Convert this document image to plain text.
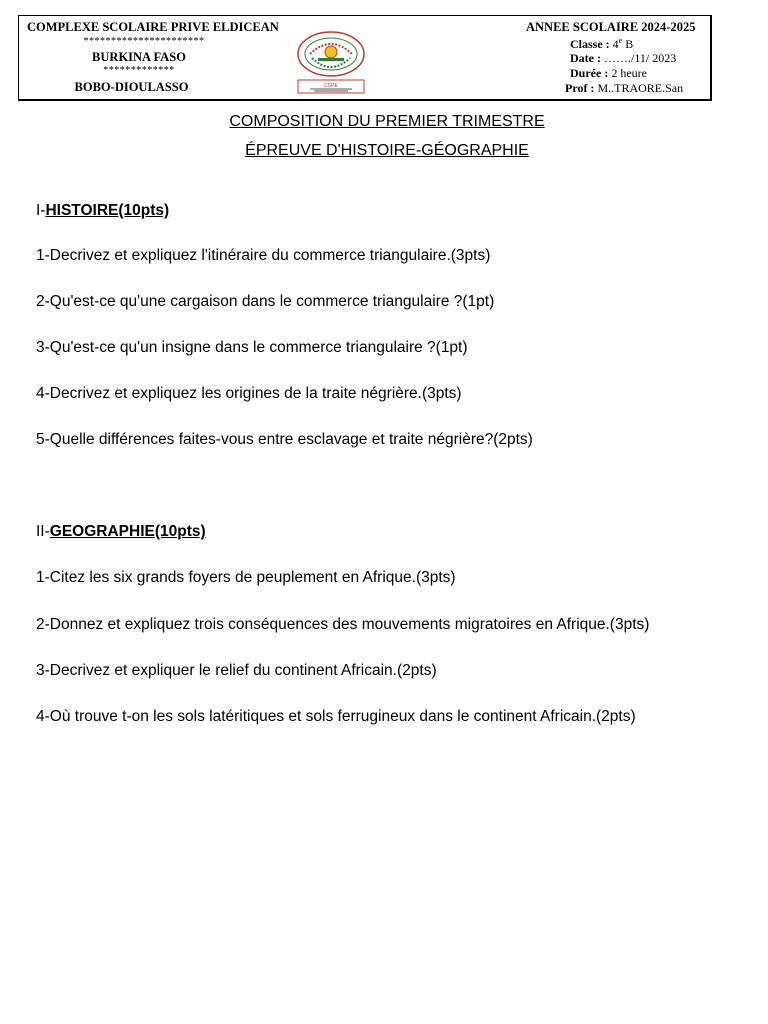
COMPLEXE SCOLAIRE PRIVE ELDICEAN
**********************
BURKINA FASO
*************
BOBO-DIOULASSO	CSPE
ANNEE SCOLAIRE 2024-2025
Classe : 4e B
Date : ……./11/ 2023
Durée : 2 heure
Prof : M..TRAORE.San
COMPOSITION DU PREMIER TRIMESTRE
ÉPREUVE D'HISTOIRE-GÉOGRAPHIE
I-HISTOIRE(10pts)
1-Decrivez et expliquez l'itinéraire du commerce triangulaire.(3pts)
2-Qu'est-ce qu'une cargaison dans le commerce triangulaire ?(1pt)
3-Qu'est-ce qu'un insigne dans le commerce triangulaire ?(1pt)
4-Decrivez et expliquez les origines de la traite négrière.(3pts)
5-Quelle différences faites-vous entre esclavage et traite négrière?(2pts)
II-GEOGRAPHIE(10pts)
1-Citez les six grands foyers de peuplement en Afrique.(3pts)
2-Donnez et expliquez trois conséquences des mouvements migratoires en Afrique.(3pts)
3-Decrivez et expliquer le relief du continent Africain.(2pts)
4-Où trouve t-on les sols latéritiques et sols ferrugineux dans le continent Africain.(2pts)
